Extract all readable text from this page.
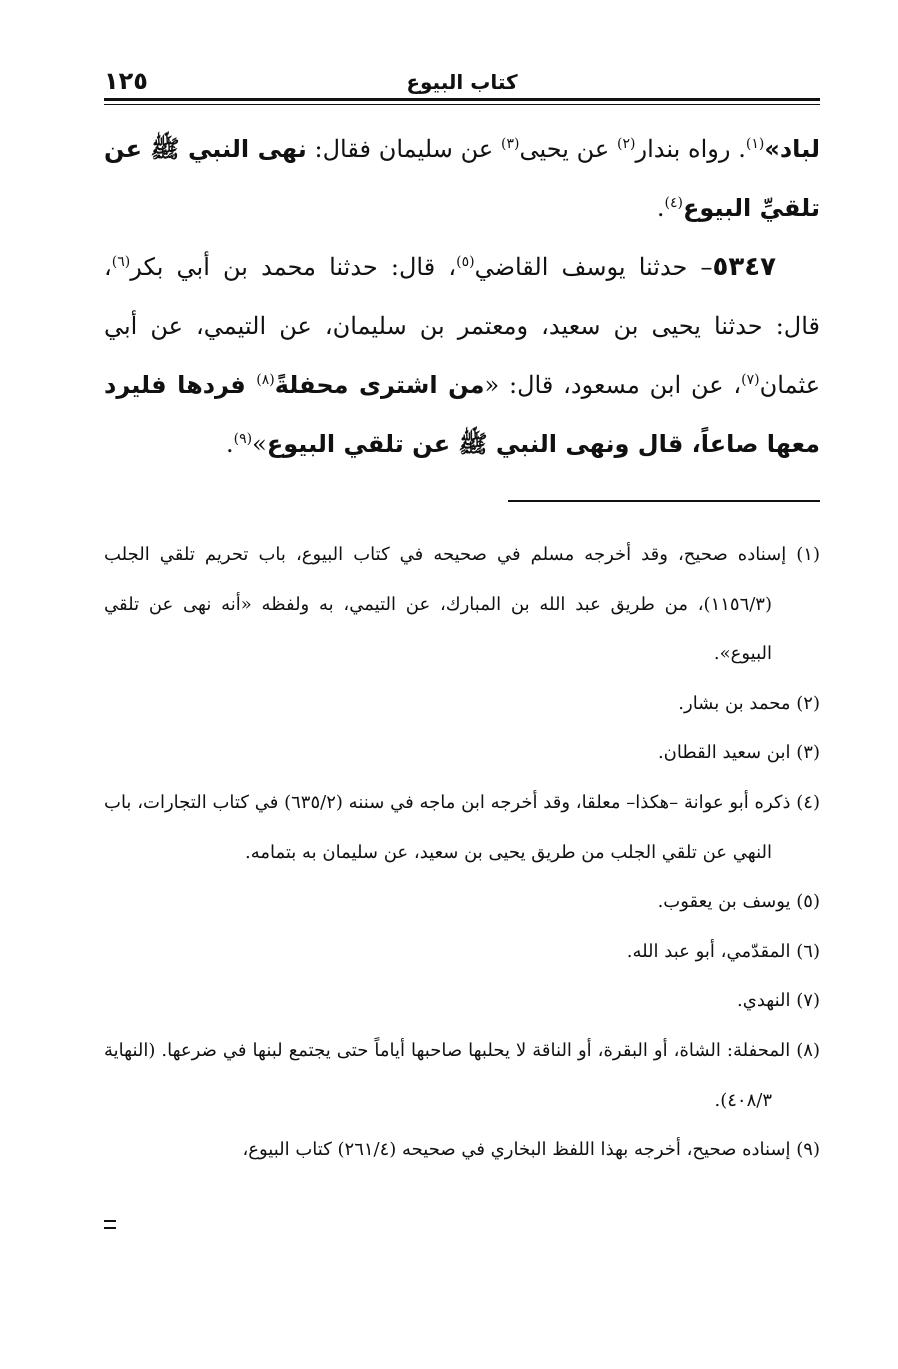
كتاب البيوع
١٢٥

لباد»$^{(١)}$. رواه بندار$^{(٢)}$ عن يحيى$^{(٣)}$ عن سليمان فقال: نهى النبي ﷺ عن تلقيِّ البيوع$^{(٤)}$.

٥٣٤٧– حدثنا يوسف القاضي$^{(٥)}$، قال: حدثنا محمد بن أبي بكر$^{(٦)}$، قال: حدثنا يحيى بن سعيد، ومعتمر بن سليمان، عن التيمي، عن أبي عثمان$^{(٧)}$، عن ابن مسعود، قال: «من اشترى محفلةً$^{(٨)}$ فردها فليرد معها صاعاً، قال ونهى النبي ﷺ عن تلقي البيوع»$^{(٩)}$.

(١) إسناده صحيح، وقد أخرجه مسلم في صحيحه في كتاب البيوع، باب تحريم تلقي الجلب (١١٥٦/٣)، من طريق عبد الله بن المبارك، عن التيمي، به ولفظه «أنه نهى عن تلقي البيوع».

(٢) محمد بن بشار.

(٣) ابن سعيد القطان.

(٤) ذكره أبو عوانة –هكذا– معلقا، وقد أخرجه ابن ماجه في سننه (٦٣٥/٢) في كتاب التجارات، باب النهي عن تلقي الجلب من طريق يحيى بن سعيد، عن سليمان به بتمامه.

(٥) يوسف بن يعقوب.

(٦) المقدّمي، أبو عبد الله.

(٧) النهدي.

(٨) المحفلة: الشاة، أو البقرة، أو الناقة لا يحلبها صاحبها أياماً حتى يجتمع لبنها في ضرعها. (النهاية ٤٠٨/٣).

(٩) إسناده صحيح، أخرجه بهذا اللفظ البخاري في صحيحه (٢٦١/٤) كتاب البيوع،
